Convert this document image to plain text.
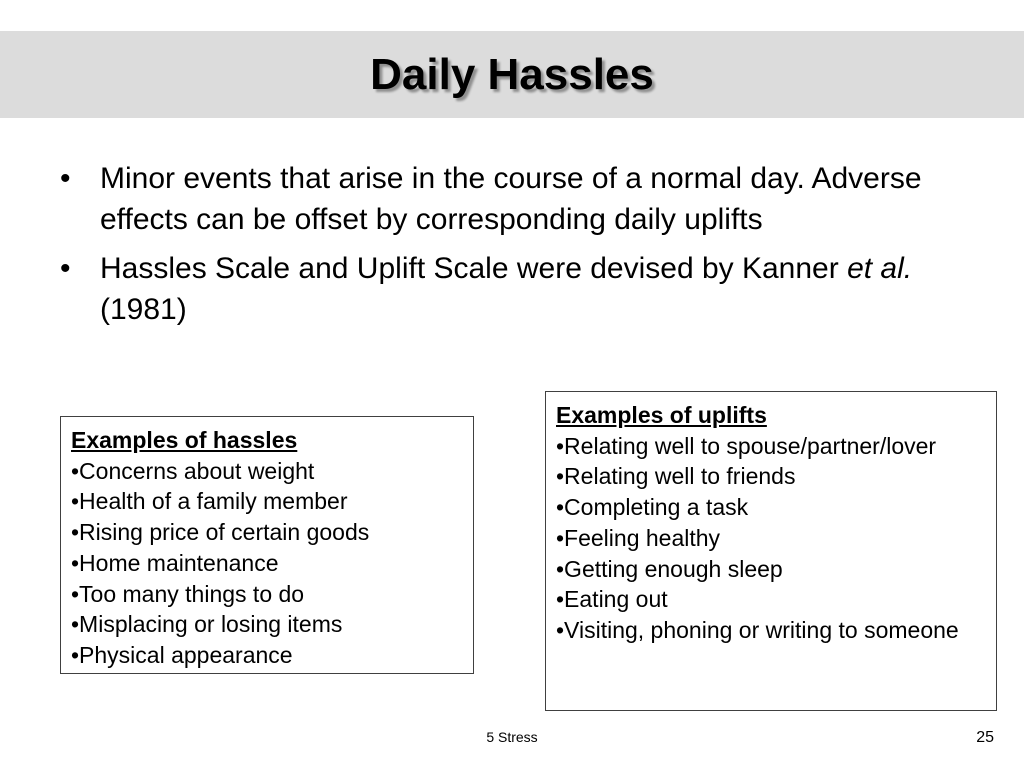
Daily Hassles
• Minor events that arise in the course of a normal day. Adverse effects can be offset by corresponding daily uplifts
• Hassles Scale and Uplift Scale were devised by Kanner et al. (1981)
Examples of hassles
•Concerns about weight
•Health of a family member
•Rising price of certain goods
•Home maintenance
•Too many things to do
•Misplacing or losing items
•Physical appearance
Examples of uplifts
•Relating well to spouse/partner/lover
•Relating well to friends
•Completing a task
•Feeling healthy
•Getting enough sleep
•Eating out
•Visiting, phoning or writing to someone
5 Stress	25
